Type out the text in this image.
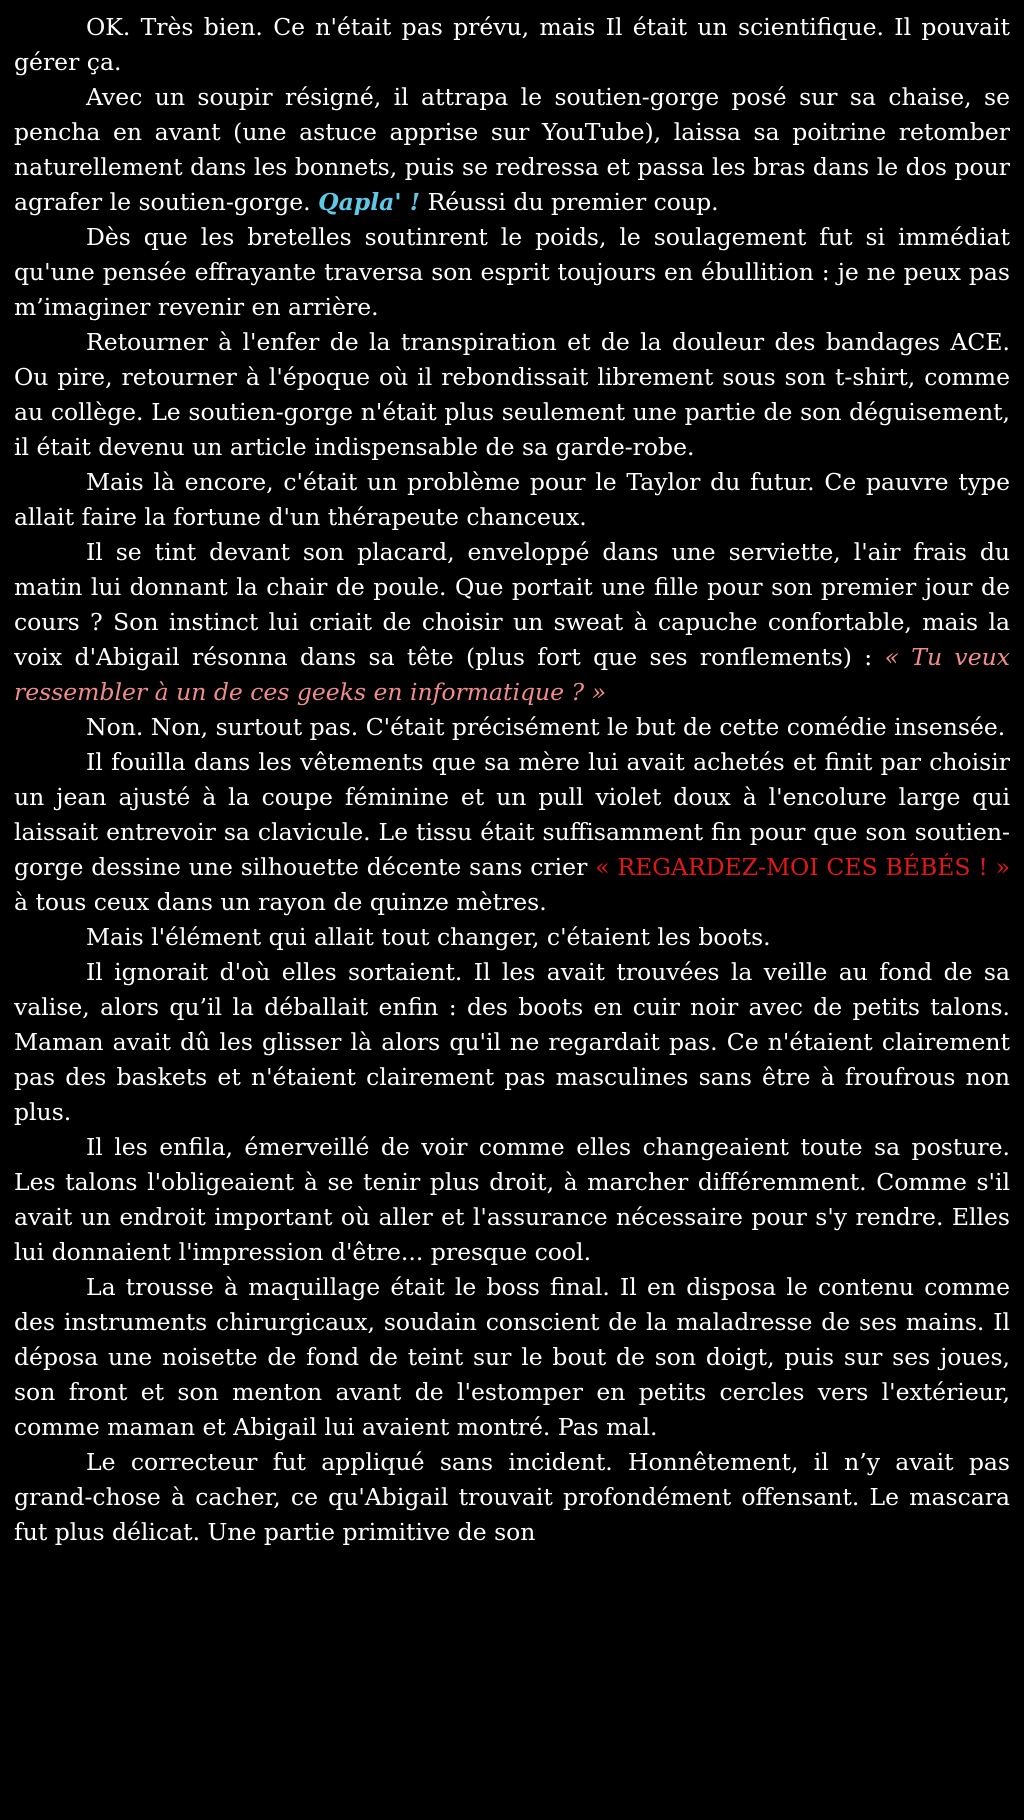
OK. Très bien. Ce n'était pas prévu, mais Il était un scientifique. Il pouvait gérer ça.

Avec un soupir résigné, il attrapa le soutien-gorge posé sur sa chaise, se pencha en avant (une astuce apprise sur YouTube), laissa sa poitrine retomber naturellement dans les bonnets, puis se redressa et passa les bras dans le dos pour agrafer le soutien-gorge. Qapla' ! Réussi du premier coup.

Dès que les bretelles soutinrent le poids, le soulagement fut si immédiat qu'une pensée effrayante traversa son esprit toujours en ébullition : je ne peux pas m’imaginer revenir en arrière.

Retourner à l'enfer de la transpiration et de la douleur des bandages ACE. Ou pire, retourner à l'époque où il rebondissait librement sous son t-shirt, comme au collège. Le soutien-gorge n'était plus seulement une partie de son déguisement, il était devenu un article indispensable de sa garde-robe.

Mais là encore, c'était un problème pour le Taylor du futur. Ce pauvre type allait faire la fortune d'un thérapeute chanceux.

Il se tint devant son placard, enveloppé dans une serviette, l'air frais du matin lui donnant la chair de poule. Que portait une fille pour son premier jour de cours ? Son instinct lui criait de choisir un sweat à capuche confortable, mais la voix d'Abigail résonna dans sa tête (plus fort que ses ronflements) : « Tu veux ressembler à un de ces geeks en informatique ? »

Non. Non, surtout pas. C'était précisément le but de cette comédie insensée.

Il fouilla dans les vêtements que sa mère lui avait achetés et finit par choisir un jean ajusté à la coupe féminine et un pull violet doux à l'encolure large qui laissait entrevoir sa clavicule. Le tissu était suffisamment fin pour que son soutien-gorge dessine une silhouette décente sans crier « REGARDEZ-MOI CES BÉBÉS ! » à tous ceux dans un rayon de quinze mètres.

Mais l'élément qui allait tout changer, c'étaient les boots.

Il ignorait d'où elles sortaient. Il les avait trouvées la veille au fond de sa valise, alors qu’il la déballait enfin : des boots en cuir noir avec de petits talons. Maman avait dû les glisser là alors qu'il ne regardait pas. Ce n'étaient clairement pas des baskets et n'étaient clairement pas masculines sans être à froufrous non plus.

Il les enfila, émerveillé de voir comme elles changeaient toute sa posture. Les talons l'obligeaient à se tenir plus droit, à marcher différemment. Comme s'il avait un endroit important où aller et l'assurance nécessaire pour s'y rendre. Elles lui donnaient l'impression d'être... presque cool.

La trousse à maquillage était le boss final. Il en disposa le contenu comme des instruments chirurgicaux, soudain conscient de la maladresse de ses mains. Il déposa une noisette de fond de teint sur le bout de son doigt, puis sur ses joues, son front et son menton avant de l'estomper en petits cercles vers l'extérieur, comme maman et Abigail lui avaient montré. Pas mal.

Le correcteur fut appliqué sans incident. Honnêtement, il n’y avait pas grand-chose à cacher, ce qu'Abigail trouvait profondément offensant. Le mascara fut plus délicat. Une partie primitive de son
